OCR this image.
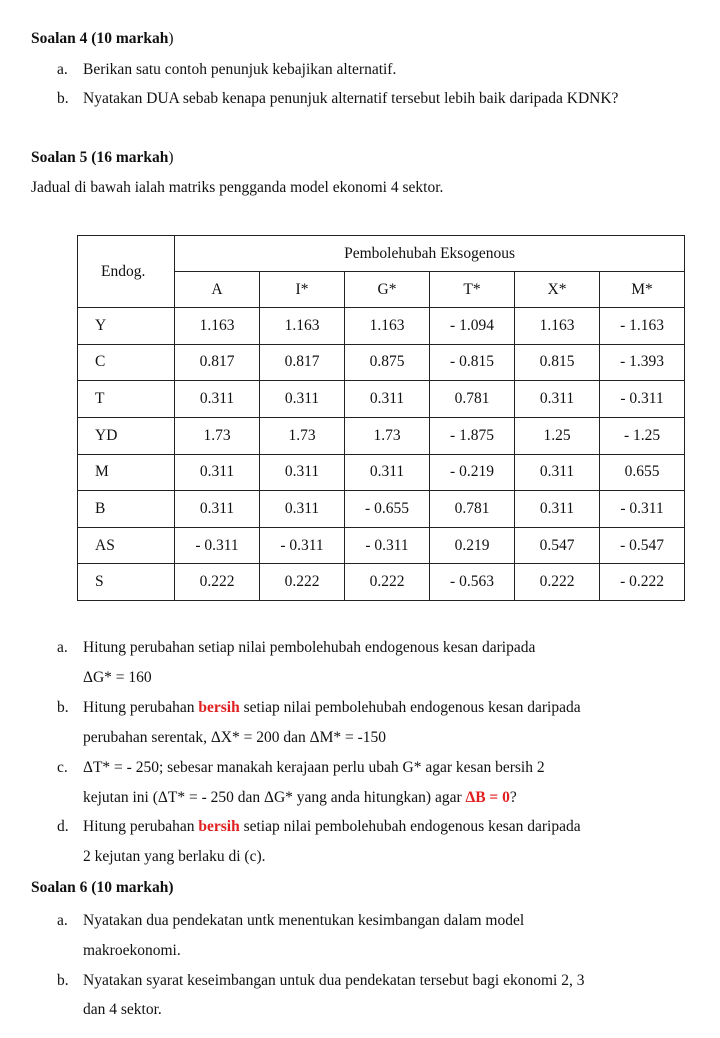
Soalan 4 (10 markah)
a. Berikan satu contoh penunjuk kebajikan alternatif.
b. Nyatakan DUA sebab kenapa penunjuk alternatif tersebut lebih baik daripada KDNK?
Soalan 5 (16 markah)
Jadual di bawah ialah matriks pengganda model ekonomi 4 sektor.
Endog.	Pembolehubah Eksogenous					
	A	I*	G*	T*	X*	M*
Y	1.163	1.163	1.163	- 1.094	1.163	- 1.163
C	0.817	0.817	0.875	- 0.815	0.815	- 1.393
T	0.311	0.311	0.311	0.781	0.311	- 0.311
YD	1.73	1.73	1.73	- 1.875	1.25	- 1.25
M	0.311	0.311	0.311	- 0.219	0.311	0.655
B	0.311	0.311	- 0.655	0.781	0.311	- 0.311
AS	- 0.311	- 0.311	- 0.311	0.219	0.547	- 0.547
S	0.222	0.222	0.222	- 0.563	0.222	- 0.222
a. Hitung perubahan setiap nilai pembolehubah endogenous kesan daripada
ΔG* = 160
b. Hitung perubahan bersih setiap nilai pembolehubah endogenous kesan daripada
perubahan serentak, ΔX* = 200 dan ΔM* = -150
c. ΔT* = - 250; sebesar manakah kerajaan perlu ubah G* agar kesan bersih 2
kejutan ini (ΔT* = - 250 dan ΔG* yang anda hitungkan) agar ΔB = 0?
d. Hitung perubahan bersih setiap nilai pembolehubah endogenous kesan daripada
2 kejutan yang berlaku di (c).
Soalan 6 (10 markah)
a. Nyatakan dua pendekatan untk menentukan kesimbangan dalam model
makroekonomi.
b. Nyatakan syarat keseimbangan untuk dua pendekatan tersebut bagi ekonomi 2, 3
dan 4 sektor.
